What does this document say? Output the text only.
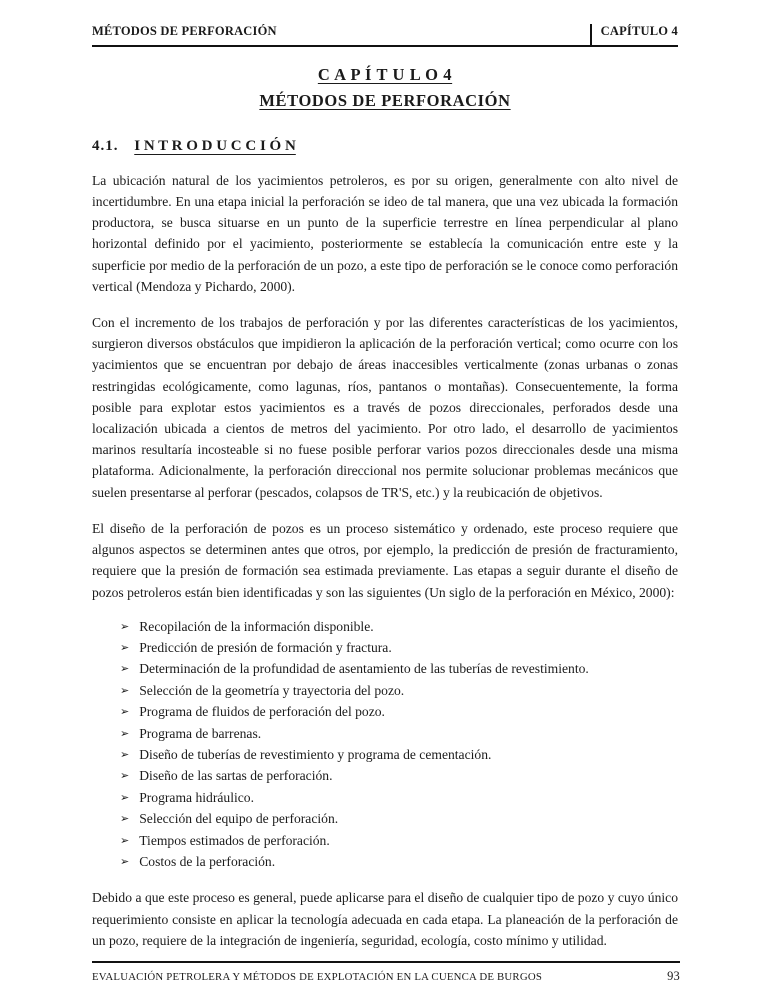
MÉTODOS DE PERFORACIÓN	CAPÍTULO 4
C A P Í T U L O 4
MÉTODOS DE PERFORACIÓN
4.1. I N T R O D U C C I Ó N

La ubicación natural de los yacimientos petroleros, es por su origen, generalmente con alto nivel de incertidumbre. En una etapa inicial la perforación se ideo de tal manera, que una vez ubicada la formación productora, se busca situarse en un punto de la superficie terrestre en línea perpendicular al plano horizontal definido por el yacimiento, posteriormente se establecía la comunicación entre este y la superficie por medio de la perforación de un pozo, a este tipo de perforación se le conoce como perforación vertical (Mendoza y Pichardo, 2000).

Con el incremento de los trabajos de perforación y por las diferentes características de los yacimientos, surgieron diversos obstáculos que impidieron la aplicación de la perforación vertical; como ocurre con los yacimientos que se encuentran por debajo de áreas inaccesibles verticalmente (zonas urbanas o zonas restringidas ecológicamente, como lagunas, ríos, pantanos o montañas). Consecuentemente, la forma posible para explotar estos yacimientos es a través de pozos direccionales, perforados desde una localización ubicada a cientos de metros del yacimiento. Por otro lado, el desarrollo de yacimientos marinos resultaría incosteable si no fuese posible perforar varios pozos direccionales desde una misma plataforma. Adicionalmente, la perforación direccional nos permite solucionar problemas mecánicos que suelen presentarse al perforar (pescados, colapsos de TR'S, etc.) y la reubicación de objetivos.

El diseño de la perforación de pozos es un proceso sistemático y ordenado, este proceso requiere que algunos aspectos se determinen antes que otros, por ejemplo, la predicción de presión de fracturamiento, requiere que la presión de formación sea estimada previamente. Las etapas a seguir durante el diseño de pozos petroleros están bien identificadas y son las siguientes (Un siglo de la perforación en México, 2000):

➢ Recopilación de la información disponible.
➢ Predicción de presión de formación y fractura.
➢ Determinación de la profundidad de asentamiento de las tuberías de revestimiento.
➢ Selección de la geometría y trayectoria del pozo.
➢ Programa de fluidos de perforación del pozo.
➢ Programa de barrenas.
➢ Diseño de tuberías de revestimiento y programa de cementación.
➢ Diseño de las sartas de perforación.
➢ Programa hidráulico.
➢ Selección del equipo de perforación.
➢ Tiempos estimados de perforación.
➢ Costos de la perforación.

Debido a que este proceso es general, puede aplicarse para el diseño de cualquier tipo de pozo y cuyo único requerimiento consiste en aplicar la tecnología adecuada en cada etapa. La planeación de la perforación de un pozo, requiere de la integración de ingeniería, seguridad, ecología, costo mínimo y utilidad.

EVALUACIÓN PETROLERA Y MÉTODOS DE EXPLOTACIÓN EN LA CUENCA DE BURGOS	93
